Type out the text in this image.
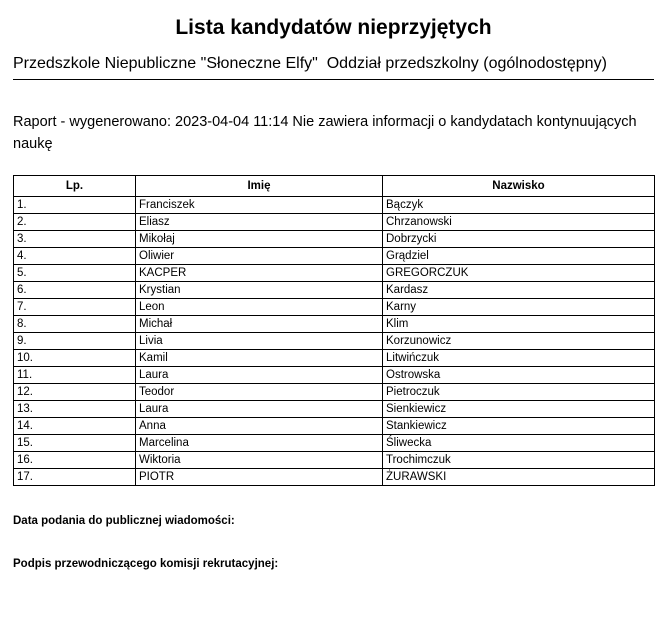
Lista kandydatów nieprzyjętych
Przedszkole Niepubliczne "Słoneczne Elfy"  Oddział przedszkolny (ogólnodostępny)
Raport - wygenerowano: 2023-04-04 11:14 Nie zawiera informacji o kandydatach kontynuujących naukę
Lp.	Imię	Nazwisko
1.	Franciszek	Bączyk
2.	Eliasz	Chrzanowski
3.	Mikołaj	Dobrzycki
4.	Oliwier	Grądziel
5.	KACPER	GREGORCZUK
6.	Krystian	Kardasz
7.	Leon	Karny
8.	Michał	Klim
9.	Livia	Korzunowicz
10.	Kamil	Litwińczuk
11.	Laura	Ostrowska
12.	Teodor	Pietroczuk
13.	Laura	Sienkiewicz
14.	Anna	Stankiewicz
15.	Marcelina	Śliwecka
16.	Wiktoria	Trochimczuk
17.	PIOTR	ŻURAWSKI
Data podania do publicznej wiadomości:
Podpis przewodniczącego komisji rekrutacyjnej:
